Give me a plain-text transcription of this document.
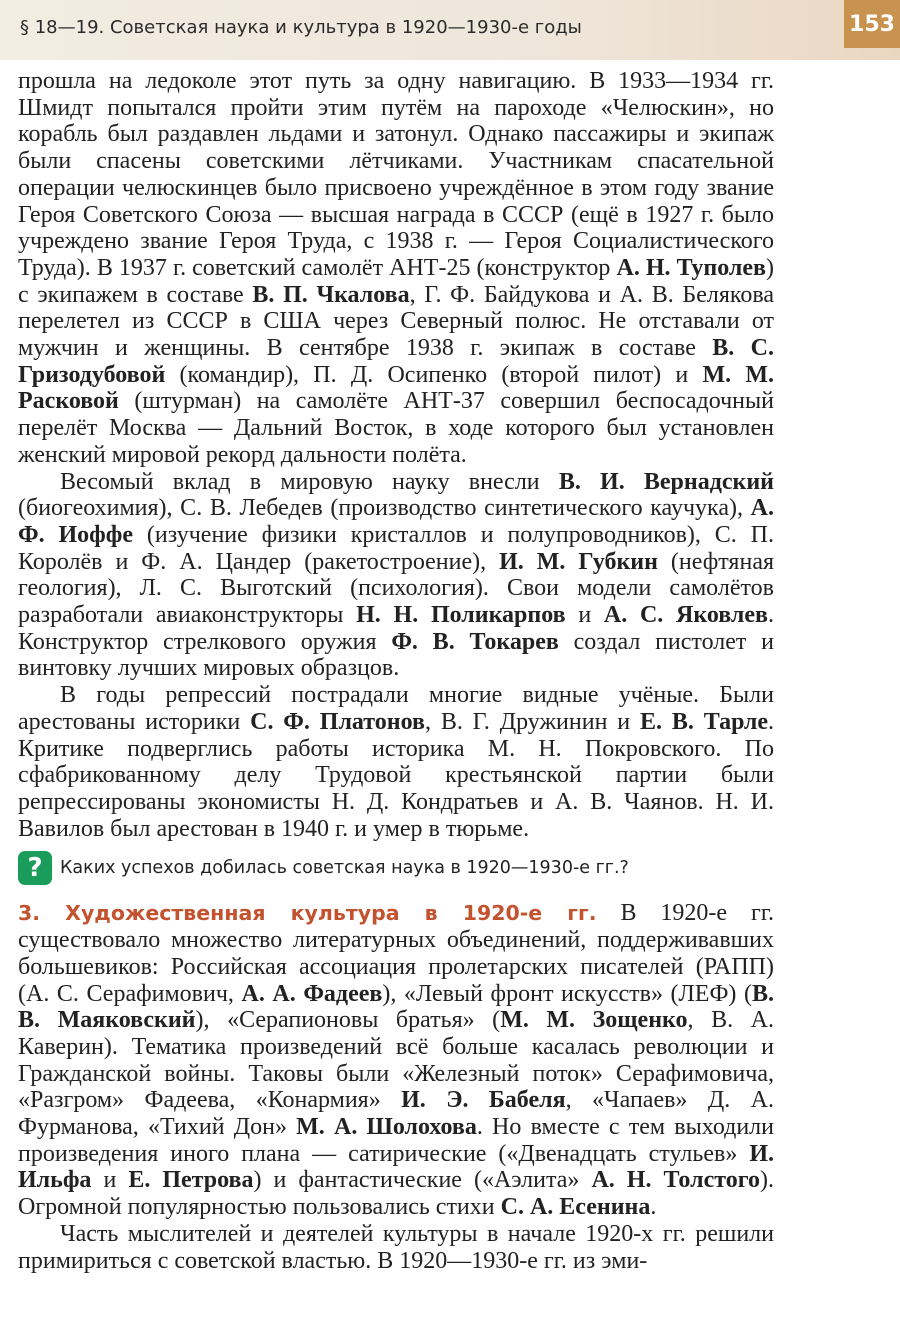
§ 18—19. Советская наука и культура в 1920—1930-е годы	153

прошла на ледоколе этот путь за одну навигацию. В 1933—1934 гг. Шмидт попытался пройти этим путём на пароходе «Челюскин», но корабль был раздавлен льдами и затонул. Однако пассажиры и экипаж были спасены советскими лётчиками. Участникам спасательной операции челюскинцев было присвоено учреждённое в этом году звание Героя Советского Союза — высшая награда в СССР (ещё в 1927 г. было учреждено звание Героя Труда, с 1938 г. — Героя Социалистического Труда). В 1937 г. советский самолёт АНТ-25 (конструктор А. Н. Туполев) с экипажем в составе В. П. Чкалова, Г. Ф. Байдукова и А. В. Белякова перелетел из СССР в США через Северный полюс. Не отставали от мужчин и женщины. В сентябре 1938 г. экипаж в составе В. С. Гризодубовой (командир), П. Д. Осипенко (второй пилот) и М. М. Расковой (штурман) на самолёте АНТ-37 совершил беспосадочный перелёт Москва — Дальний Восток, в ходе которого был установлен женский мировой рекорд дальности полёта.

Весомый вклад в мировую науку внесли В. И. Вернадский (биогеохимия), С. В. Лебедев (производство синтетического каучука), А. Ф. Иоффе (изучение физики кристаллов и полупроводников), С. П. Королёв и Ф. А. Цандер (ракетостроение), И. М. Губкин (нефтяная геология), Л. С. Выготский (психология). Свои модели самолётов разработали авиаконструкторы Н. Н. Поликарпов и А. С. Яковлев. Конструктор стрелкового оружия Ф. В. Токарев создал пистолет и винтовку лучших мировых образцов.

В годы репрессий пострадали многие видные учёные. Были арестованы историки С. Ф. Платонов, В. Г. Дружинин и Е. В. Тарле. Критике подверглись работы историка М. Н. Покровского. По сфабрикованному делу Трудовой крестьянской партии были репрессированы экономисты Н. Д. Кондратьев и А. В. Чаянов. Н. И. Вавилов был арестован в 1940 г. и умер в тюрьме.

? Каких успехов добилась советская наука в 1920—1930-е гг.?

3. Художественная культура в 1920-е гг. В 1920-е гг. существовало множество литературных объединений, поддерживавших большевиков: Российская ассоциация пролетарских писателей (РАПП) (А. С. Серафимович, А. А. Фадеев), «Левый фронт искусств» (ЛЕФ) (В. В. Маяковский), «Серапионовы братья» (М. М. Зощенко, В. А. Каверин). Тематика произведений всё больше касалась революции и Гражданской войны. Таковы были «Железный поток» Серафимовича, «Разгром» Фадеева, «Конармия» И. Э. Бабеля, «Чапаев» Д. А. Фурманова, «Тихий Дон» М. А. Шолохова. Но вместе с тем выходили произведения иного плана — сатирические («Двенадцать стульев» И. Ильфа и Е. Петрова) и фантастические («Аэлита» А. Н. Толстого). Огромной популярностью пользовались стихи С. А. Есенина.

Часть мыслителей и деятелей культуры в начале 1920-х гг. решили примириться с советской властью. В 1920—1930-е гг. из эми-
